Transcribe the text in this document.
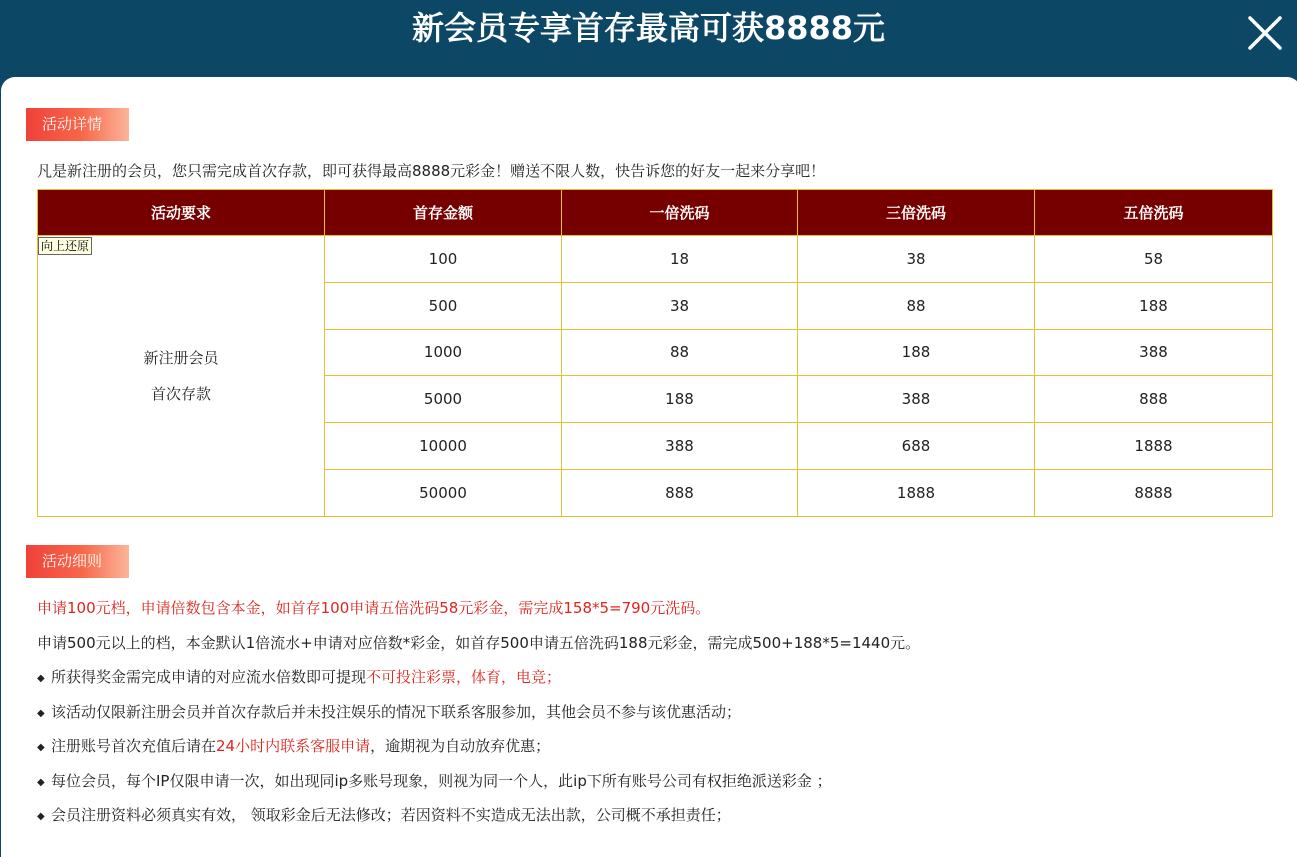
新会员专享首存最高可获8888元
活动详情
凡是新注册的会员，您只需完成首次存款，即可获得最高8888元彩金！赠送不限人数，快告诉您的好友一起来分享吧！
活动要求	首存金额	一倍洗码	三倍洗码	五倍洗码

向上还原
新注册会员
首次存款	100	18	38	58
	500	38	88	188
	1000	88	188	388
	5000	188	388	888
	10000	388	688	1888
	50000	888	1888	8888
活动细则
申请100元档，申请倍数包含本金，如首存100申请五倍洗码58元彩金，需完成158*5=790元洗码。
申请500元以上的档，本金默认1倍流水+申请对应倍数*彩金，如首存500申请五倍洗码188元彩金，需完成500+188*5=1440元。
◆ 所获得奖金需完成申请的对应流水倍数即可提现不可投注彩票，体育，电竞；
◆ 该活动仅限新注册会员并首次存款后并未投注娱乐的情况下联系客服参加，其他会员不参与该优惠活动；
◆ 注册账号首次充值后请在24小时内联系客服申请，逾期视为自动放弃优惠；
◆ 每位会员，每个IP仅限申请一次，如出现同ip多账号现象，则视为同一个人，此ip下所有账号公司有权拒绝派送彩金 ；
◆ 会员注册资料必须真实有效， 领取彩金后无法修改；若因资料不实造成无法出款，公司概不承担责任；
